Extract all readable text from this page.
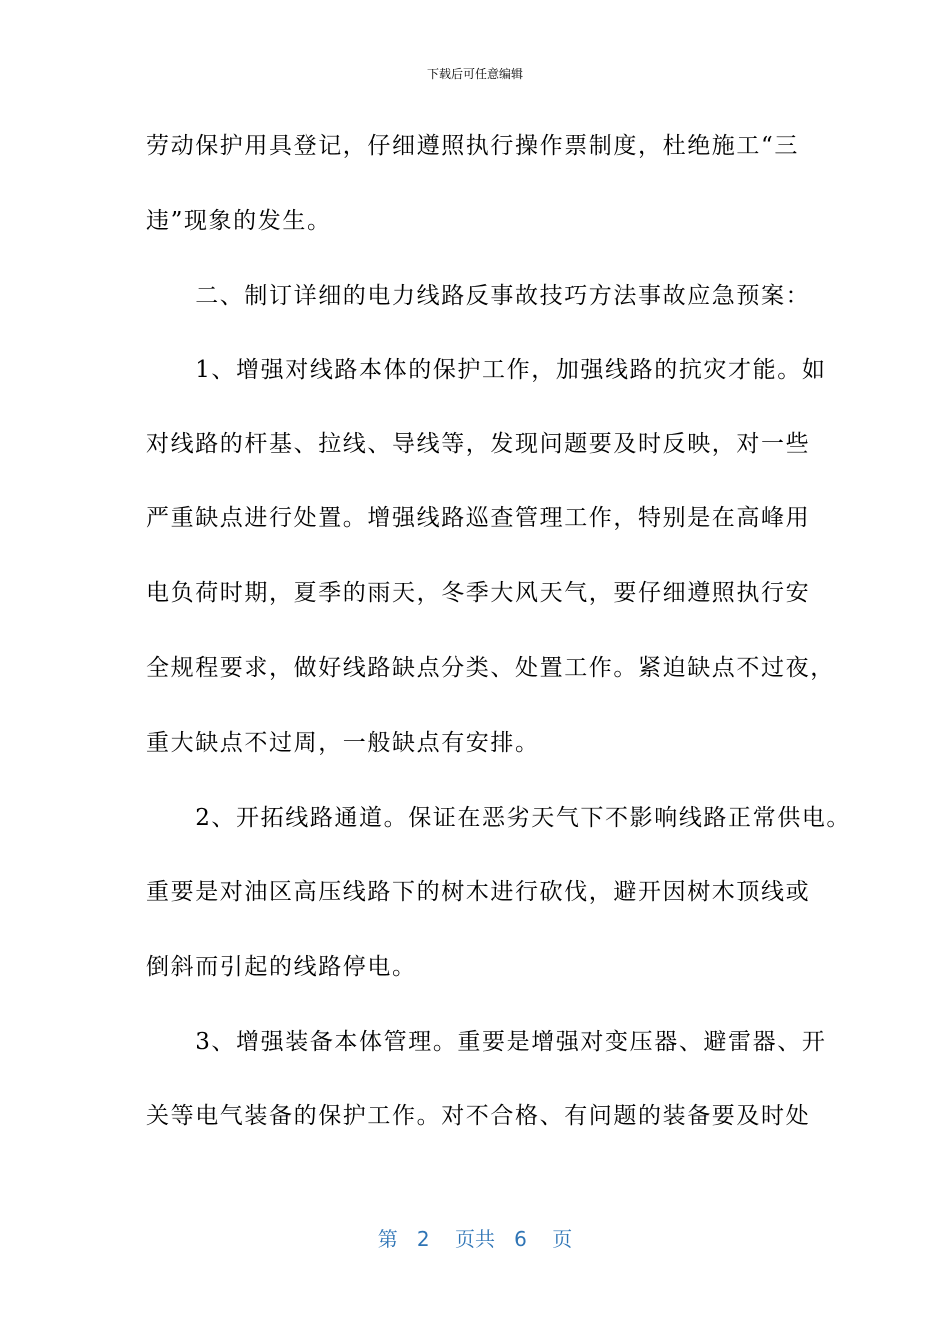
下载后可任意编辑
劳动保护用具登记，仔细遵照执行操作票制度，杜绝施工“三
违”现象的发生。
　　二、制订详细的电力线路反事故技巧方法事故应急预案：
　　1、增强对线路本体的保护工作，加强线路的抗灾才能。如
对线路的杆基、拉线、导线等，发现问题要及时反映，对一些
严重缺点进行处置。增强线路巡查管理工作，特别是在高峰用
电负荷时期，夏季的雨天，冬季大风天气，要仔细遵照执行安
全规程要求，做好线路缺点分类、处置工作。紧迫缺点不过夜，
重大缺点不过周，一般缺点有安排。
　　2、开拓线路通道。保证在恶劣天气下不影响线路正常供电。
重要是对油区高压线路下的树木进行砍伐，避开因树木顶线或
倒斜而引起的线路停电。
　　3、增强装备本体管理。重要是增强对变压器、避雷器、开
关等电气装备的保护工作。对不合格、有问题的装备要及时处
第 2 页共 6 页
